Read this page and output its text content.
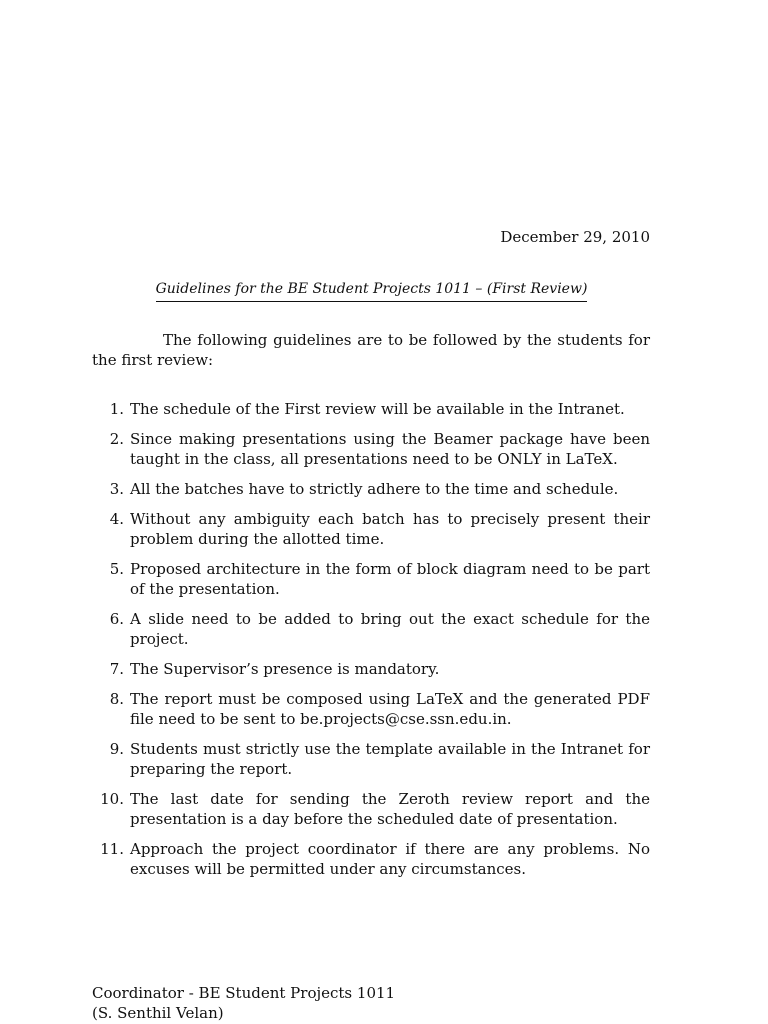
December 29, 2010
Guidelines for the BE Student Projects 1011 – (First Review)
The following guidelines are to be followed by the students for the first review:
1. The schedule of the First review will be available in the Intranet.
2. Since making presentations using the Beamer package have been taught in the class, all presentations need to be ONLY in LaTeX.
3. All the batches have to strictly adhere to the time and schedule.
4. Without any ambiguity each batch has to precisely present their problem during the allotted time.
5. Proposed architecture in the form of block diagram need to be part of the presentation.
6. A slide need to be added to bring out the exact schedule for the project.
7. The Supervisor’s presence is mandatory.
8. The report must be composed using LaTeX and the generated PDF file need to be sent to be.projects@cse.ssn.edu.in.
9. Students must strictly use the template available in the Intranet for preparing the report.
10. The last date for sending the Zeroth review report and the presentation is a day before the scheduled date of presentation.
11. Approach the project coordinator if there are any problems. No excuses will be permitted under any circumstances.
Coordinator - BE Student Projects 1011
(S. Senthil Velan)
